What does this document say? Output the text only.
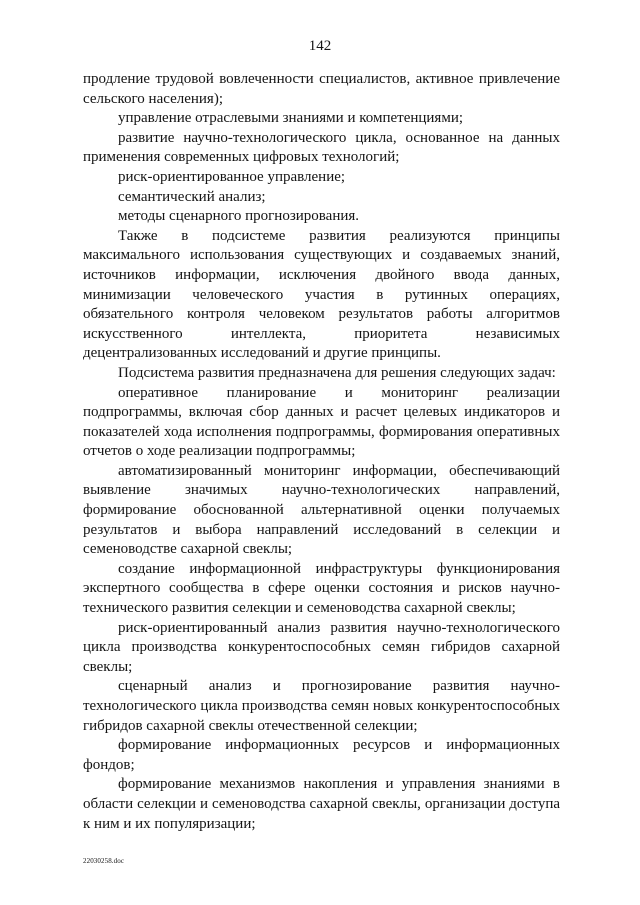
142

продление трудовой вовлеченности специалистов, активное привлечение сельского населения);

управление отраслевыми знаниями и компетенциями;

развитие научно-технологического цикла, основанное на данных применения современных цифровых технологий;

риск-ориентированное управление;

семантический анализ;

методы сценарного прогнозирования.

Также в подсистеме развития реализуются принципы максимального использования существующих и создаваемых знаний, источников информации, исключения двойного ввода данных, минимизации человеческого участия в рутинных операциях, обязательного контроля человеком результатов работы алгоритмов искусственного интеллекта, приоритета независимых децентрализованных исследований и другие принципы.

Подсистема развития предназначена для решения следующих задач:

оперативное планирование и мониторинг реализации подпрограммы, включая сбор данных и расчет целевых индикаторов и показателей хода исполнения подпрограммы, формирования оперативных отчетов о ходе реализации подпрограммы;

автоматизированный мониторинг информации, обеспечивающий выявление значимых научно-технологических направлений, формирование обоснованной альтернативной оценки получаемых результатов и выбора направлений исследований в селекции и семеноводстве сахарной свеклы;

создание информационной инфраструктуры функционирования экспертного сообщества в сфере оценки состояния и рисков научно-технического развития селекции и семеноводства сахарной свеклы;

риск-ориентированный анализ развития научно-технологического цикла производства конкурентоспособных семян гибридов сахарной свеклы;

сценарный анализ и прогнозирование развития научно-технологического цикла производства семян новых конкурентоспособных гибридов сахарной свеклы отечественной селекции;

формирование информационных ресурсов и информационных фондов;

формирование механизмов накопления и управления знаниями в области селекции и семеноводства сахарной свеклы, организации доступа к ним и их популяризации;

22030258.doc
